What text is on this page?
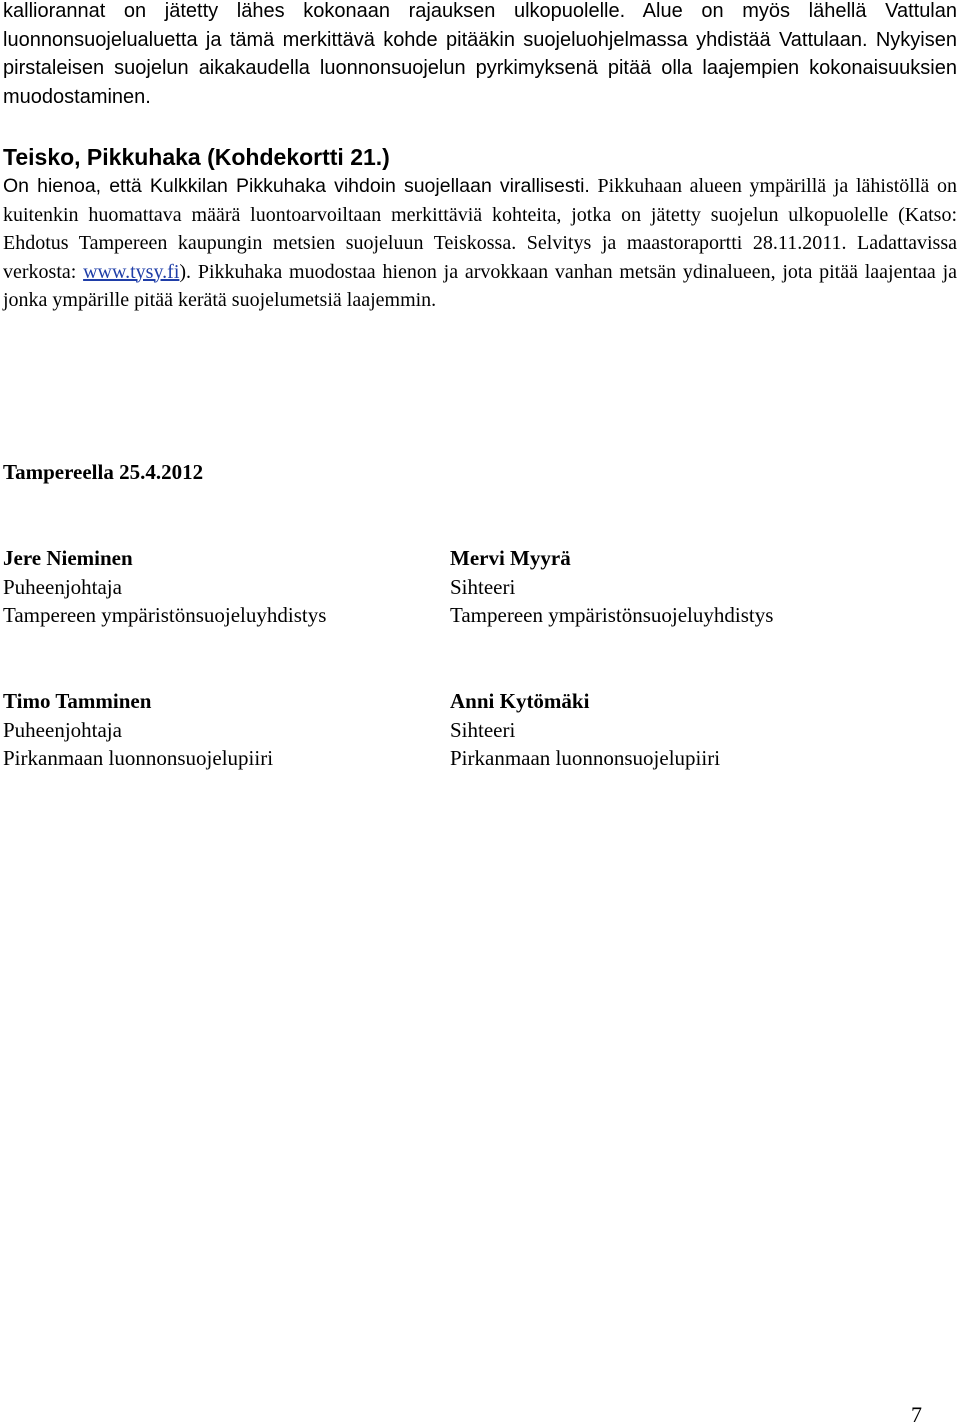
kalliorannat on jätetty lähes kokonaan rajauksen ulkopuolelle. Alue on myös lähellä Vattulan luonnonsuojelualuetta ja tämä merkittävä kohde pitääkin suojeluohjelmassa yhdistää Vattulaan. Nykyisen pirstaleisen suojelun aikakaudella luonnonsuojelun pyrkimyksenä pitää olla laajempien kokonaisuuksien muodostaminen.

Teisko, Pikkuhaka (Kohdekortti 21.)

On hienoa, että Kulkkilan Pikkuhaka vihdoin suojellaan virallisesti. Pikkuhaan alueen ympärillä ja lähistöllä on kuitenkin huomattava määrä luontoarvoiltaan merkittäviä kohteita, jotka on jätetty suojelun ulkopuolelle (Katso: Ehdotus Tampereen kaupungin metsien suojeluun Teiskossa. Selvitys ja maastoraportti 28.11.2011. Ladattavissa verkosta: www.tysy.fi). Pikkuhaka muodostaa hienon ja arvokkaan vanhan metsän ydinalueen, jota pitää laajentaa ja jonka ympärille pitää kerätä suojelumetsiä laajemmin.

Tampereella 25.4.2012

Jere Nieminen
Puheenjohtaja
Tampereen ympäristönsuojeluyhdistys
Mervi Myyrä
Sihteeri
Tampereen ympäristönsuojeluyhdistys
Timo Tamminen
Puheenjohtaja
Pirkanmaan luonnonsuojelupiiri
Anni Kytömäki
Sihteeri
Pirkanmaan luonnonsuojelupiiri
7
